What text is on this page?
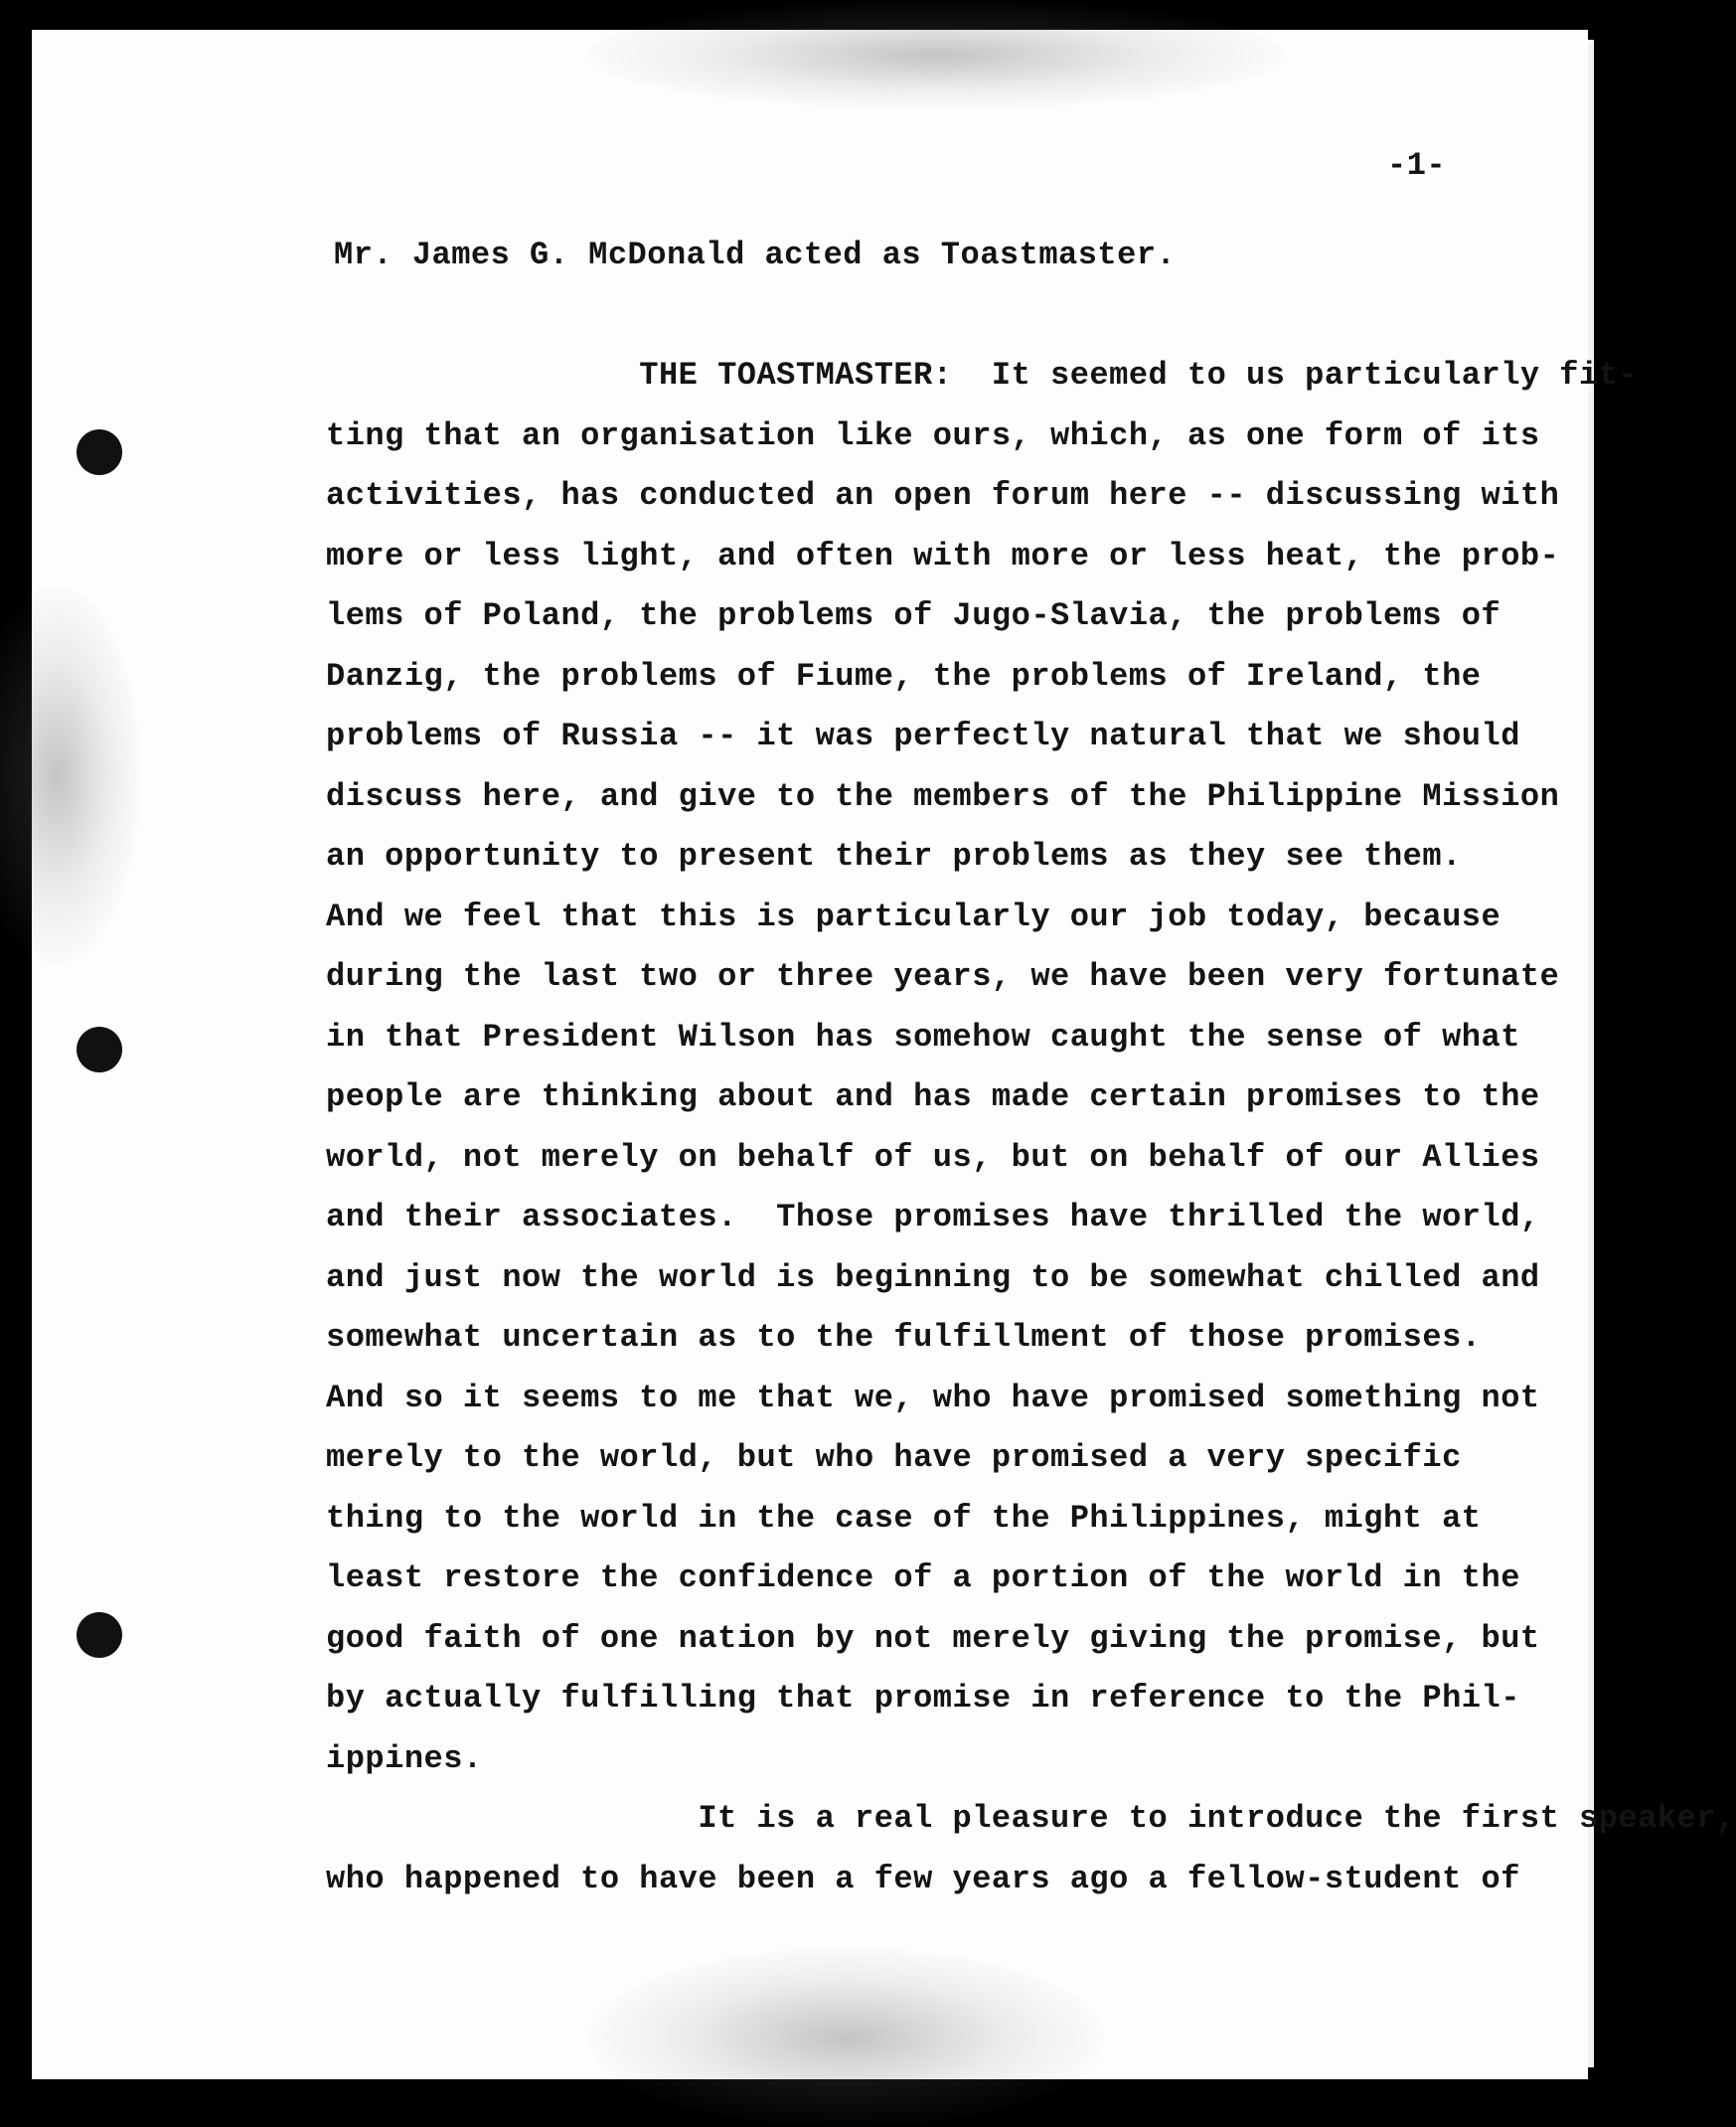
-1-
Mr. James G. McDonald acted as Toastmaster.
THE TOASTMASTER:  It seemed to us particularly fit-
ting that an organisation like ours, which, as one form of its
activities, has conducted an open forum here -- discussing with
more or less light, and often with more or less heat, the prob-
lems of Poland, the problems of Jugo-Slavia, the problems of
Danzig, the problems of Fiume, the problems of Ireland, the
problems of Russia -- it was perfectly natural that we should
discuss here, and give to the members of the Philippine Mission
an opportunity to present their problems as they see them.
And we feel that this is particularly our job today, because
during the last two or three years, we have been very fortunate
in that President Wilson has somehow caught the sense of what
people are thinking about and has made certain promises to the
world, not merely on behalf of us, but on behalf of our Allies
and their associates.  Those promises have thrilled the world,
and just now the world is beginning to be somewhat chilled and
somewhat uncertain as to the fulfillment of those promises.
And so it seems to me that we, who have promised something not
merely to the world, but who have promised a very specific
thing to the world in the case of the Philippines, might at
least restore the confidence of a portion of the world in the
good faith of one nation by not merely giving the promise, but
by actually fulfilling that promise in reference to the Phil-
ippines.
It is a real pleasure to introduce the first speaker,
who happened to have been a few years ago a fellow-student of
